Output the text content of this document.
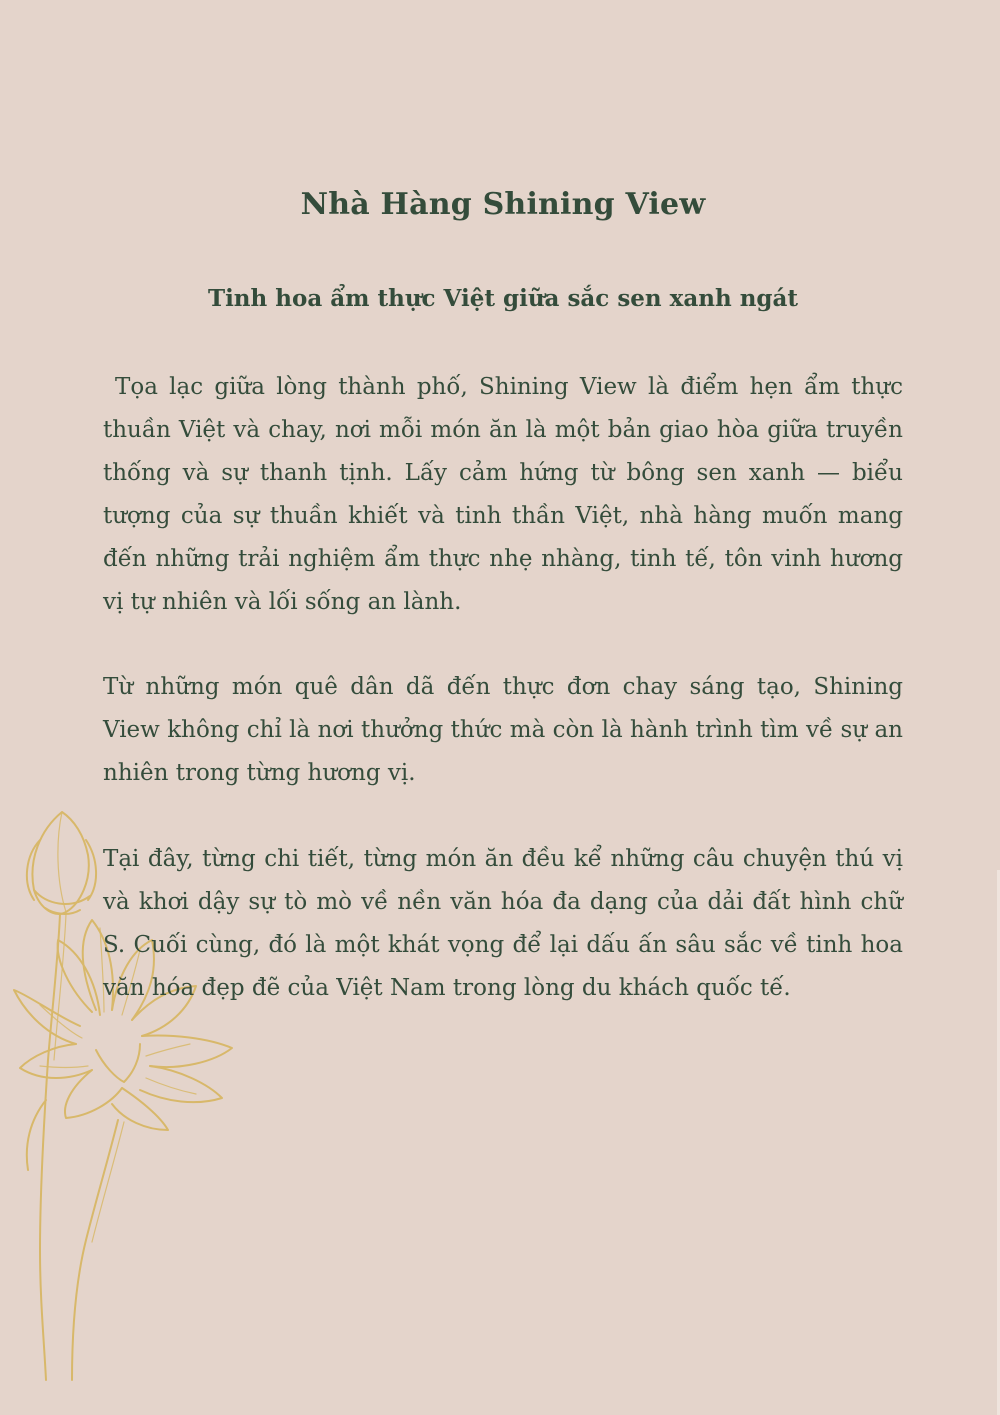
Nhà Hàng Shining View
Tinh hoa ẩm thực Việt giữa sắc sen xanh ngát

Tọa lạc giữa lòng thành phố, Shining View là điểm hẹn ẩm thực thuần Việt và chay, nơi mỗi món ăn là một bản giao hòa giữa truyền thống và sự thanh tịnh. Lấy cảm hứng từ bông sen xanh — biểu tượng của sự thuần khiết và tinh thần Việt, nhà hàng muốn mang đến những trải nghiệm ẩm thực nhẹ nhàng, tinh tế, tôn vinh hương vị tự nhiên và lối sống an lành.

Từ những món quê dân dã đến thực đơn chay sáng tạo, Shining View không chỉ là nơi thưởng thức mà còn là hành trình tìm về sự an nhiên trong từng hương vị.

Tại đây, từng chi tiết, từng món ăn đều kể những câu chuyện thú vị và khơi dậy sự tò mò về nền văn hóa đa dạng của dải đất hình chữ S. Cuối cùng, đó là một khát vọng để lại dấu ấn sâu sắc về tinh hoa văn hóa đẹp đẽ của Việt Nam trong lòng du khách quốc tế.
